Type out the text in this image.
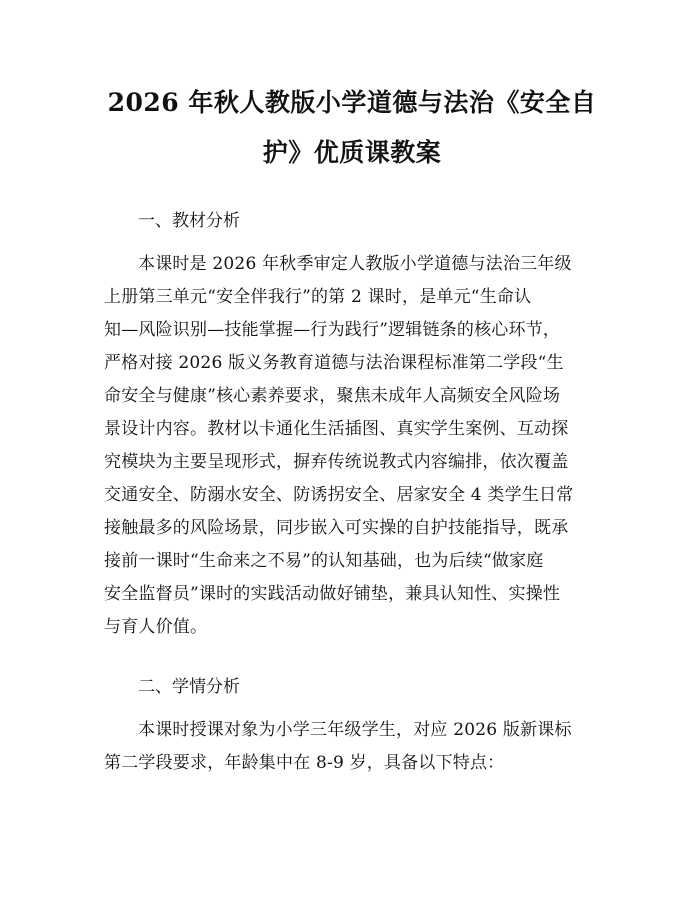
2026 年秋人教版小学道德与法治《安全自
护》优质课教案
一、教材分析

本课时是 2026 年秋季审定人教版小学道德与法治三年级
上册第三单元“安全伴我行”的第 2 课时，是单元“生命认
知—风险识别—技能掌握—行为践行”逻辑链条的核心环节，
严格对接 2026 版义务教育道德与法治课程标准第二学段“生
命安全与健康”核心素养要求，聚焦未成年人高频安全风险场
景设计内容。教材以卡通化生活插图、真实学生案例、互动探
究模块为主要呈现形式，摒弃传统说教式内容编排，依次覆盖
交通安全、防溺水安全、防诱拐安全、居家安全 4 类学生日常
接触最多的风险场景，同步嵌入可实操的自护技能指导，既承
接前一课时“生命来之不易”的认知基础，也为后续“做家庭
安全监督员”课时的实践活动做好铺垫，兼具认知性、实操性
与育人价值。

二、学情分析

本课时授课对象为小学三年级学生，对应 2026 版新课标
第二学段要求，年龄集中在 8-9 岁，具备以下特点：
